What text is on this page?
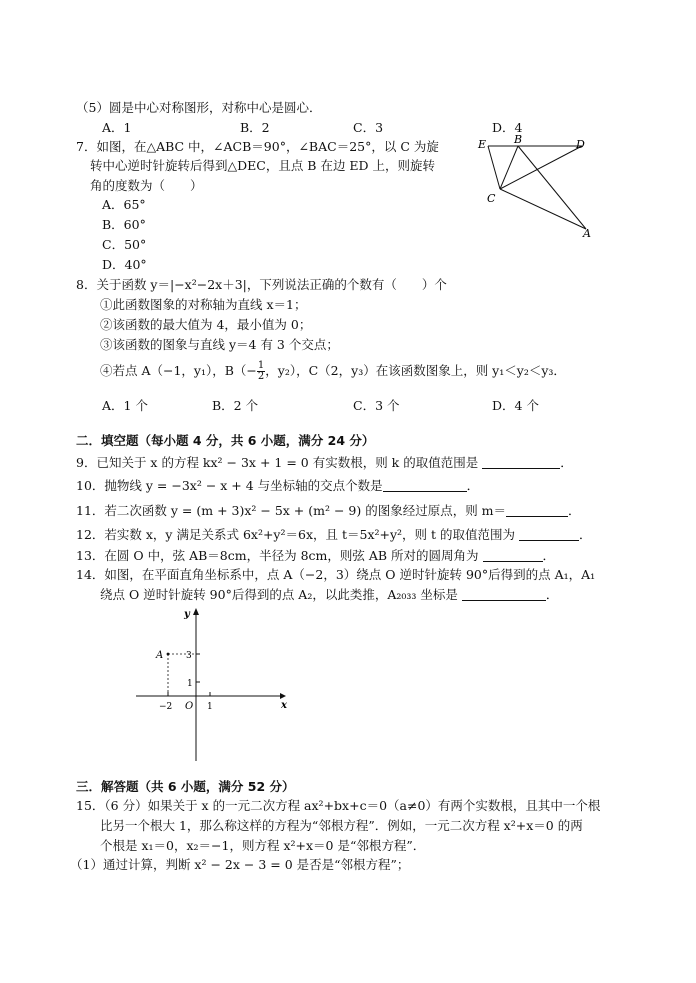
（5）圆是中心对称图形，对称中心是圆心．
A．1	B．2	C．3	D．4
7．如图，在△ABC 中，∠ACB＝90°，∠BAC＝25°，以 C 为旋
转中心逆时针旋转后得到△DEC，且点 B 在边 ED 上，则旋转
角的度数为（　　）
A．65°
B．60°
C．50°
D．40°
E	B	D
C
A
8．关于函数 y＝|−x²−2x＋3|，下列说法正确的个数有（　　）个
①此函数图象的对称轴为直线 x＝1；
②该函数的最大值为 4，最小值为 0；
③该函数的图象与直线 y＝4 有 3 个交点；
④若点 A（−1，y₁），$B(- \frac{1}{2}$ ，y₂），C（2，y₃）在该函数图象上，则 y₁＜y₂＜y₃．
A．1 个	B．2 个	C．3 个	D．4 个
二．填空题（每小题 4 分，共 6 小题，满分 24 分）
9．已知关于 x 的方程 kx² − 3x + 1 = 0 有实数根，则 k 的取值范围是	．
10．抛物线 y = −3x² − x + 4 与坐标轴的交点个数是	．
11．若二次函数 y = (m + 3)x² − 5x + (m² − 9) 的图象经过原点，则 m＝	．
12．若实数 x，y 满足关系式 6x²+y²＝6x，且 t＝5x²+y²，则 t 的取值范围为	．
13．在圆 O 中，弦 AB＝8cm，半径为 8cm，则弦 AB 所对的圆周角为	．
14．如图，在平面直角坐标系中，点 A（−2，3）绕点 O 逆时针旋转 90°后得到的点 A₁，A₁
绕点 O 逆时针旋转 90°后得到的点 A₂，以此类推，A₂₀₃₃ 坐标是	．
y
x
A	3
1
−2 O 1
三．解答题（共 6 小题，满分 52 分）
15．（6 分）如果关于 x 的一元二次方程 ax²+bx+c＝0（a≠0）有两个实数根，且其中一个根
比另一个根大 1，那么称这样的方程为“邻根方程”．例如，一元二次方程 x²+x＝0 的两
个根是 x₁＝0，x₂＝−1，则方程 x²+x＝0 是“邻根方程”．
（1）通过计算，判断 x² − 2x − 3 = 0 是否是“邻根方程”；
